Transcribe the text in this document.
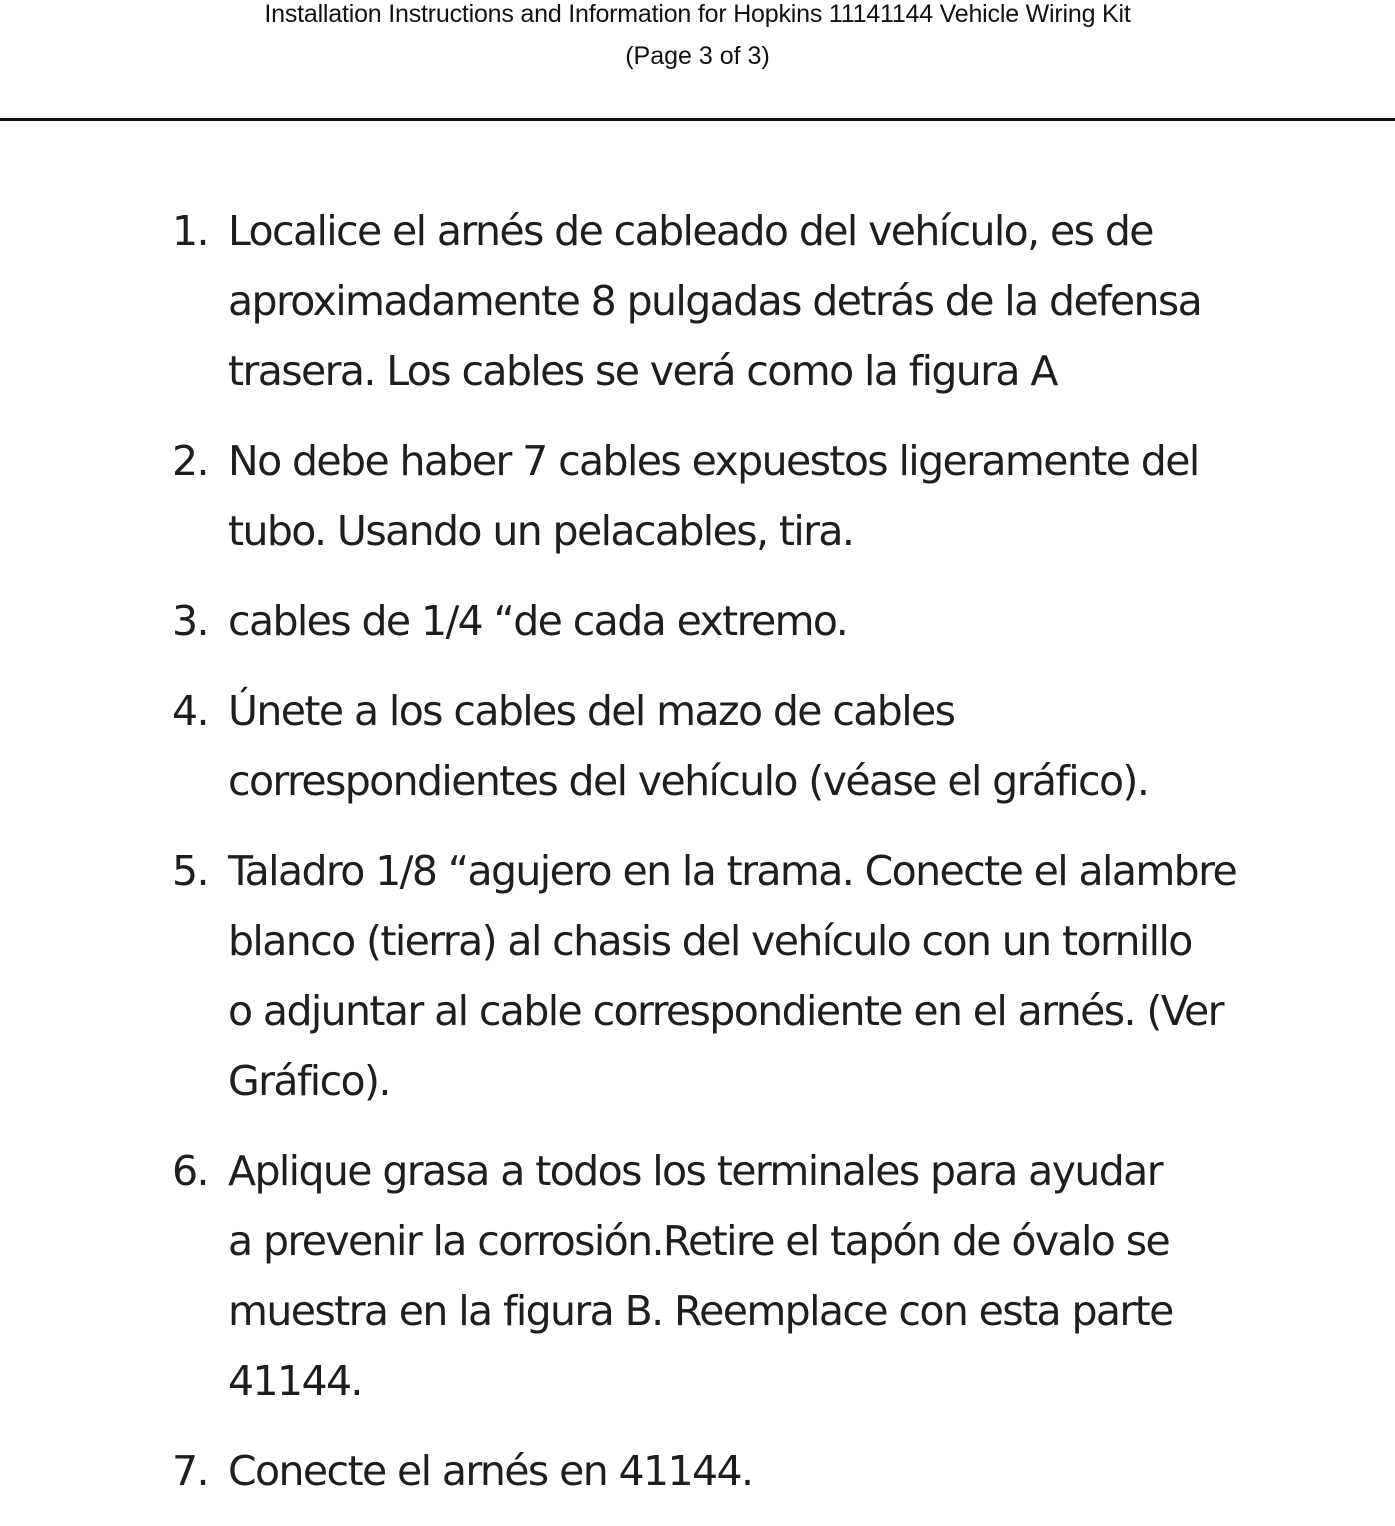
Installation Instructions and Information for Hopkins 11141144 Vehicle Wiring Kit
(Page 3 of 3)
1. Localice el arnés de cableado del vehículo, es de
aproximadamente 8 pulgadas detrás de la defensa
trasera. Los cables se verá como la figura A
2. No debe haber 7 cables expuestos ligeramente del
tubo. Usando un pelacables, tira.
3. cables de 1/4 “de cada extremo.
4. Únete a los cables del mazo de cables
correspondientes del vehículo (véase el gráfico).
5. Taladro 1/8 “agujero en la trama. Conecte el alambre
blanco (tierra) al chasis del vehículo con un tornillo
o adjuntar al cable correspondiente en el arnés. (Ver
Gráfico).
6. Aplique grasa a todos los terminales para ayudar
a prevenir la corrosión.Retire el tapón de óvalo se
muestra en la figura B. Reemplace con esta parte
41144.
7. Conecte el arnés en 41144.
